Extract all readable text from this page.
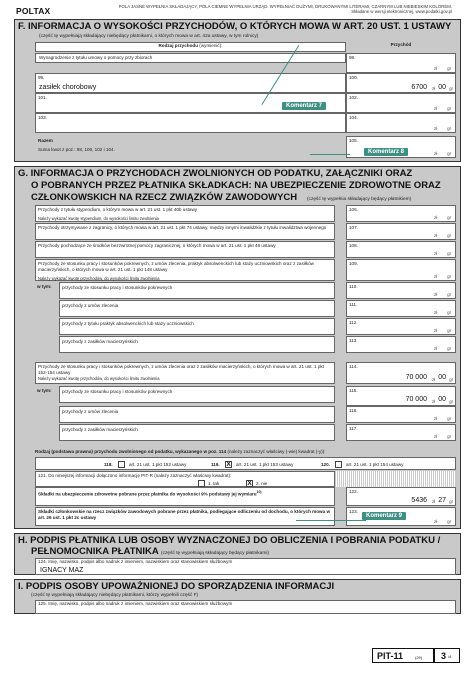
POLTAX	POLA JASNE WYPEŁNIA SKŁADAJĄCY, POLA CIEMNE WYPEŁNIA URZĄD. WYPEŁNIAĆ DUŻYMI, DRUKOWANYMI LITERAMI, CZARNYM LUB NIEBIESKIM KOLOREM.
Składane w wersji elektronicznej, www.podatki.gov.pl
F. INFORMACJA O WYSOKOŚCI PRZYCHODÓW, O KTÓRYCH MOWA W ART. 20 UST. 1 USTAWY
(część tę wypełniają składający niebędący płatnikami, o których mowa w art. 42a ustawy, w tym rolnicy)
Rodzaj przychodu (wymienić):	Przychód
Wynagrodzenie z tytułu umowy o pomocy przy zbiorach	98.
zł gr
99.
zasiłek chorobowy
100.
6700 zł 00 gr
101.	102.
zł gr
103.	104.
zł gr
Razem
Suma kwot z poz.: 98, 100, 102 i 104.
105.
zł gr
Komentarz 7
Komentarz 8
G. INFORMACJA O PRZYCHODACH ZWOLNIONYCH OD PODATKU, ZAŁĄCZNIKI ORAZ
O POBRANYCH PRZEZ PŁATNIKA SKŁADKACH: NA UBEZPIECZENIE ZDROWOTNE ORAZ
CZŁONKOWSKICH NA RZECZ ZWIĄZKÓW ZAWODOWYCH (część tę wypełnia składający będący płatnikiem)
Przychody z tytułu stypendium, o którym mowa w art. 21 ust. 1 pkt 40b ustawy
Należy wykazać kwotę stypendium, do wysokości limitu zwolnienia
106.
zł gr
Przychody otrzymywane z zagranicy, o których mowa w art. 21 ust. 1 pkt 74 ustawy, między innymi inwalidzkie z tytułu inwalidztwa wojennego	107.
zł gr
Przychody pochodzące ze środków bezzwrotnej pomocy zagranicznej, o których mowa w art. 21 ust. 1 pkt 46 ustawy	108.
zł gr
Przychody ze stosunku pracy i stosunków pokrewnych, z umów zlecenia, praktyk absolwenckich lub staży uczniowskich oraz z zasiłków macierzyńskich, o których mowa w art. 21 ust. 1 pkt 148 ustawy
Należy wykazać kwotę przychodów, do wysokości limitu zwolnienia
109.
zł gr
w tym: przychody ze stosunku pracy i stosunków pokrewnych	110.
zł gr
przychody z umów zlecenia	111.
zł gr
przychody z tytułu praktyk absolwenckich lub staży uczniowskich	112.
zł gr
przychody z zasiłków macierzyńskich	113.
zł gr
Przychody ze stosunku pracy i stosunków pokrewnych, z umów zlecenia oraz z zasiłków macierzyńskich, o których mowa w art. 21 ust. 1 pkt 152-154 ustawy
Należy wykazać kwotę przychodów, do wysokości limitu zwolnienia
114.
70 000 zł 00 gr
w tym: przychody ze stosunku pracy i stosunków pokrewnych	115.
70 000 zł 00 gr
przychody z umów zlecenia	116.
zł gr
przychody z zasiłków macierzyńskich	117.
zł gr
Rodzaj (podstawa prawna) przychodu zwolnionego od podatku, wykazanego w poz. 114 (należy zaznaczyć właściwy (-wie) kwadrat (-y)):
118.	art. 21 ust. 1 pkt 152 ustawy	119. X art. 21 ust. 1 pkt 153 ustawy	120.	art. 21 ust. 1 pkt 154 ustawy
121. Do niniejszej informacji dołączono informację PIT-R (należy zaznaczyć właściwy kwadrat):
1. tak	X 2. nie
Składki na ubezpieczenie zdrowotne pobrane przez płatnika do wysokości 9% podstawy jej wymiaru$^{10)}$	122.
5436 zł 27 gr
Składki członkowskie na rzecz związków zawodowych pobrane przez płatnika, podlegające odliczeniu od dochodu, o których mowa w art. 26 ust. 1 pkt 2c ustawy
123.
zł gr
Komentarz 9
H. PODPIS PŁATNIKA LUB OSOBY WYZNACZONEJ DO OBLICZENIA I POBRANIA PODATKU /
PEŁNOMOCNIKA PŁATNIKA (część tę wypełniają składający będący płatnikami)
124. Imię, nazwisko, podpis albo nadruk z imieniem, nazwiskiem oraz stanowiskiem służbowym
IGNACY MAZ
I. PODPIS OSOBY UPOWAŻNIONEJ DO SPORZĄDZENIA INFORMACJI
(część tę wypełniają składający niebędący płatnikami, którzy wypełnili część F)
125. Imię, nazwisko, podpis albo nadruk z imieniem, nazwiskiem oraz stanowiskiem służbowym
PIT-11	(29) 3 /4
